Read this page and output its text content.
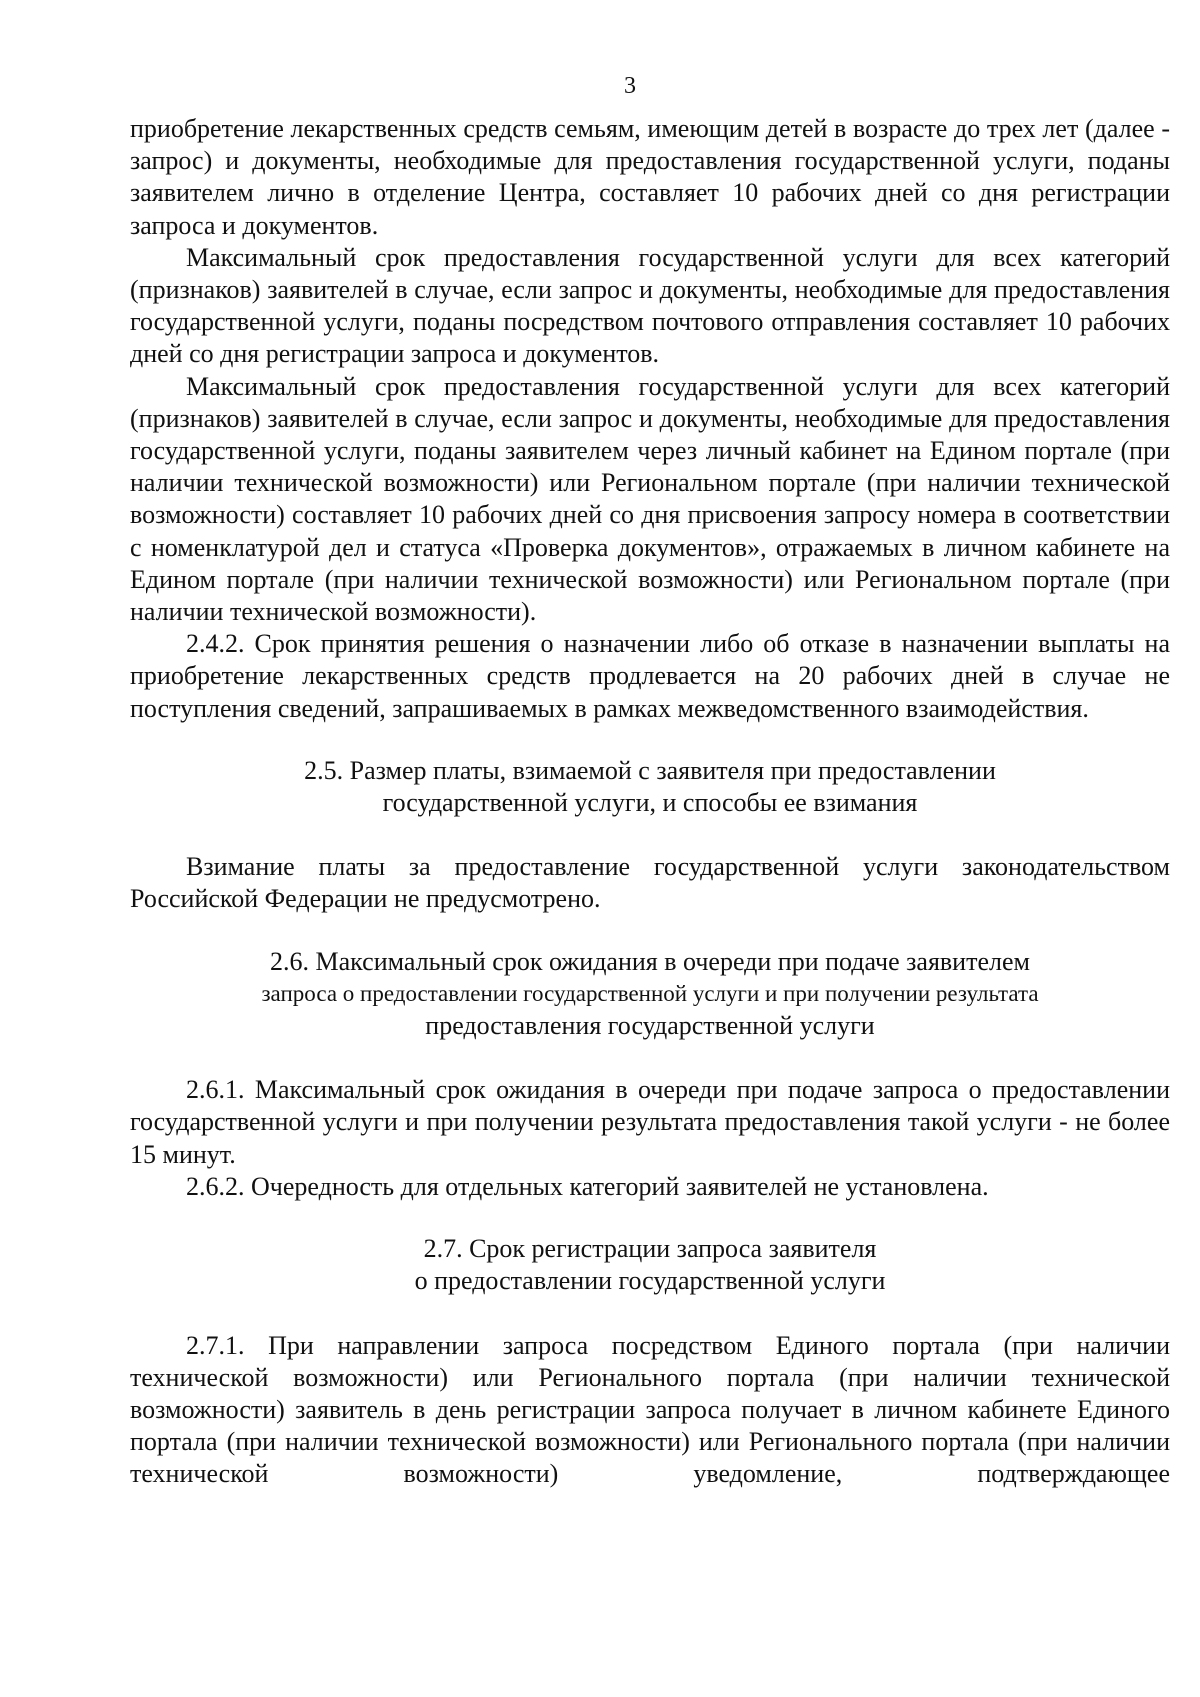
3

приобретение лекарственных средств семьям, имеющим детей в возрасте до трех лет (далее - запрос) и документы, необходимые для предоставления государственной услуги, поданы заявителем лично в отделение Центра, составляет 10 рабочих дней со дня регистрации запроса и документов.

Максимальный срок предоставления государственной услуги для всех категорий (признаков) заявителей в случае, если запрос и документы, необходимые для предоставления государственной услуги, поданы посредством почтового отправления составляет 10 рабочих дней со дня регистрации запроса и документов.

Максимальный срок предоставления государственной услуги для всех категорий (признаков) заявителей в случае, если запрос и документы, необходимые для предоставления государственной услуги, поданы заявителем через личный кабинет на Едином портале (при наличии технической возможности) или Региональном портале (при наличии технической возможности) составляет 10 рабочих дней со дня присвоения запросу номера в соответствии с номенклатурой дел и статуса «Проверка документов», отражаемых в личном кабинете на Едином портале (при наличии технической возможности) или Региональном портале (при наличии технической возможности).

2.4.2. Срок принятия решения о назначении либо об отказе в назначении выплаты на приобретение лекарственных средств продлевается на 20 рабочих дней в случае не поступления сведений, запрашиваемых в рамках межведомственного взаимодействия.

2.5. Размер платы, взимаемой с заявителя при предоставлении
государственной услуги, и способы ее взимания

Взимание платы за предоставление государственной услуги законодательством Российской Федерации не предусмотрено.

2.6. Максимальный срок ожидания в очереди при подаче заявителем
запроса о предоставлении государственной услуги и при получении результата
предоставления государственной услуги

2.6.1. Максимальный срок ожидания в очереди при подаче запроса о предоставлении государственной услуги и при получении результата предоставления такой услуги - не более 15 минут.

2.6.2. Очередность для отдельных категорий заявителей не установлена.

2.7. Срок регистрации запроса заявителя
о предоставлении государственной услуги

2.7.1. При направлении запроса посредством Единого портала (при наличии технической возможности) или Регионального портала (при наличии технической возможности) заявитель в день регистрации запроса получает в личном кабинете Единого портала (при наличии технической возможности) или Регионального портала (при наличии технической возможности) уведомление, подтверждающее
